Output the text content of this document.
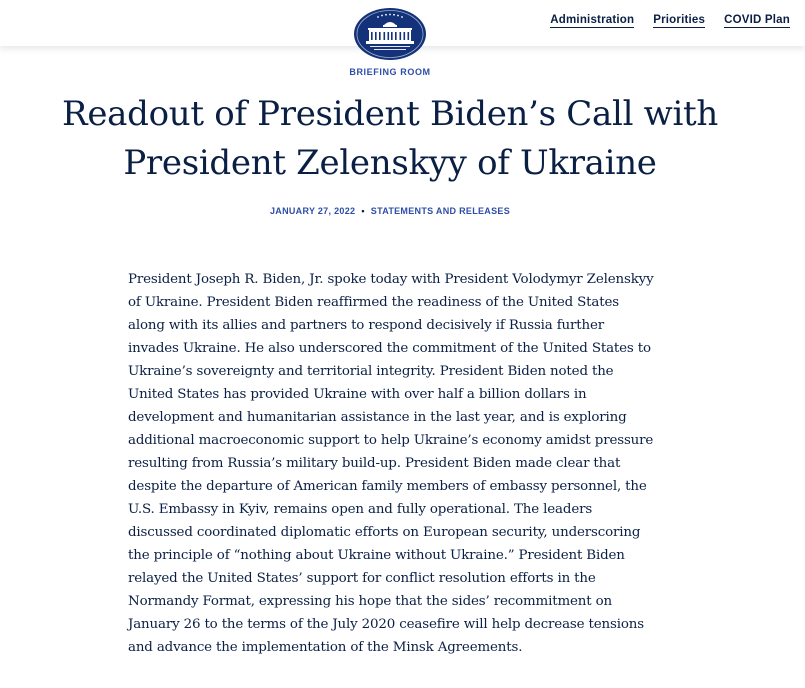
Administration Priorities COVID Plan
BRIEFING ROOM
Readout of President Biden’s Call with President Zelenskyy of Ukraine
JANUARY 27, 2022 • STATEMENTS AND RELEASES

President Joseph R. Biden, Jr. spoke today with President Volodymyr Zelenskyy of Ukraine. President Biden reaffirmed the readiness of the United States along with its allies and partners to respond decisively if Russia further invades Ukraine. He also underscored the commitment of the United States to Ukraine’s sovereignty and territorial integrity. President Biden noted the United States has provided Ukraine with over half a billion dollars in development and humanitarian assistance in the last year, and is exploring additional macroeconomic support to help Ukraine’s economy amidst pressure resulting from Russia’s military build-up. President Biden made clear that despite the departure of American family members of embassy personnel, the U.S. Embassy in Kyiv, remains open and fully operational. The leaders discussed coordinated diplomatic efforts on European security, underscoring the principle of “nothing about Ukraine without Ukraine.” President Biden relayed the United States’ support for conflict resolution efforts in the Normandy Format, expressing his hope that the sides’ recommitment on January 26 to the terms of the July 2020 ceasefire will help decrease tensions and advance the implementation of the Minsk Agreements.
